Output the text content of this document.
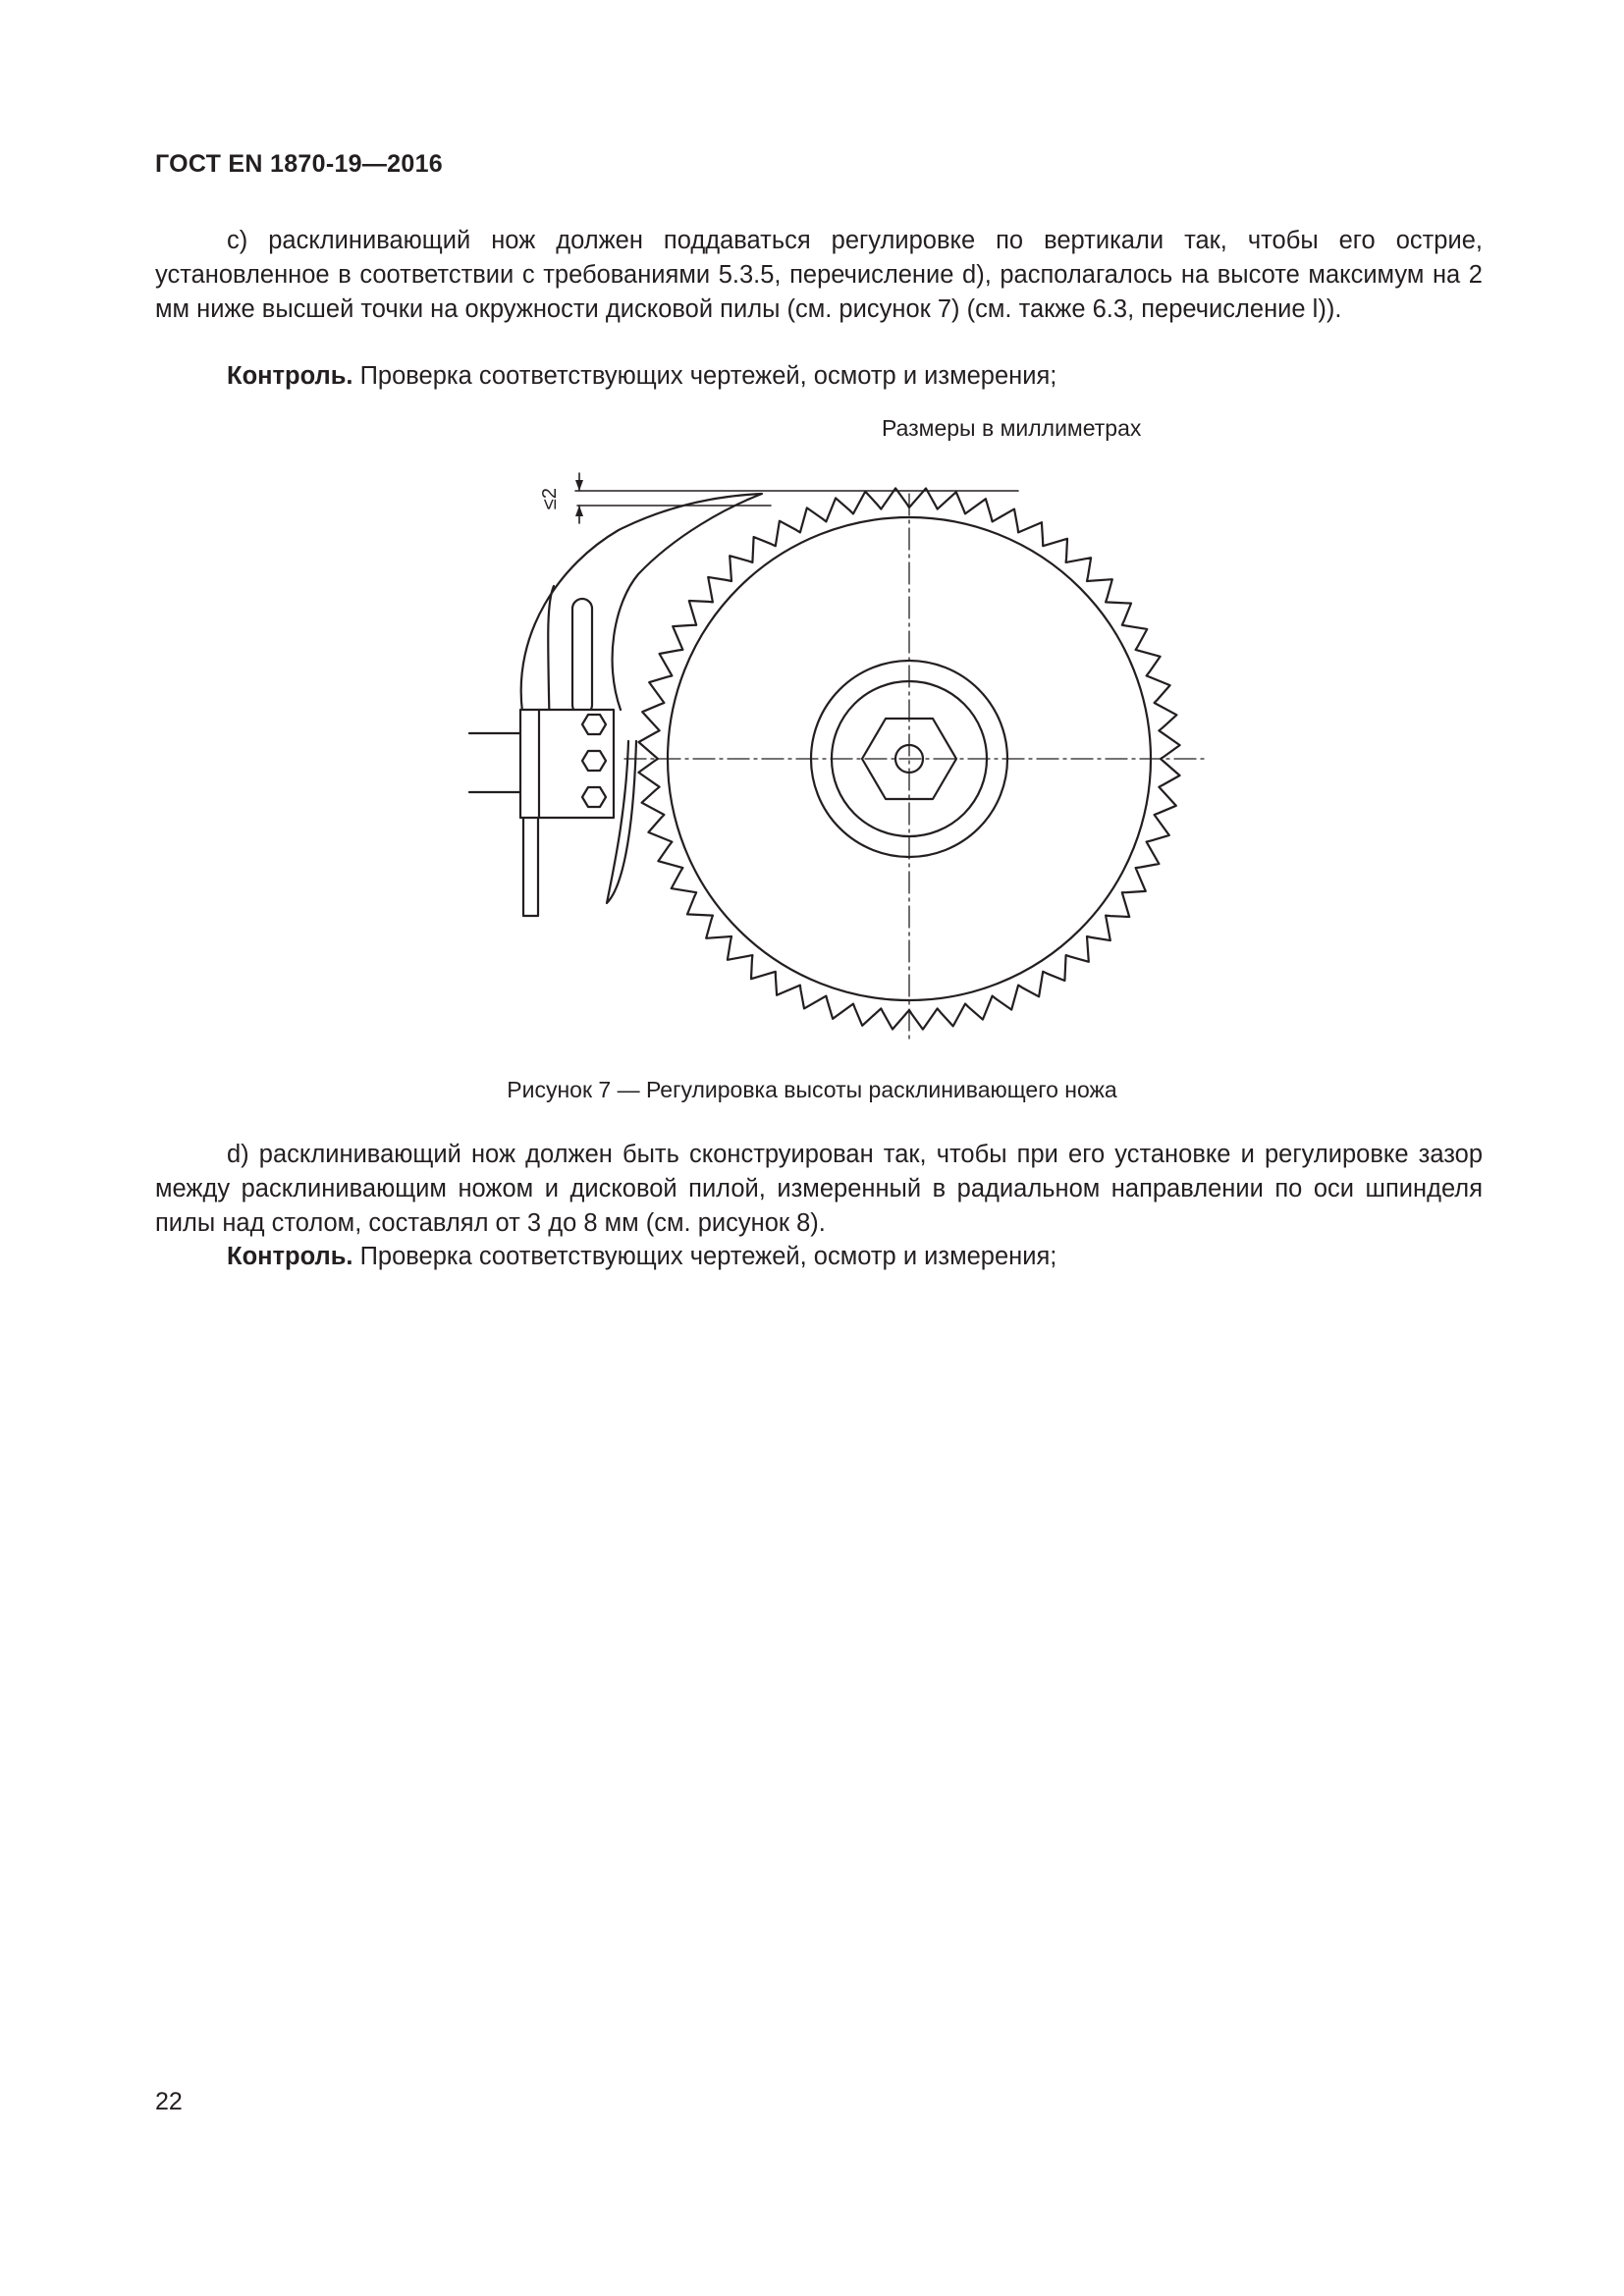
ГОСТ EN 1870-19—2016
с) расклинивающий нож должен поддаваться регулировке по вертикали так, чтобы его острие, установленное в соответствии с требованиями 5.3.5, перечисление d), располагалось на высоте максимум на 2 мм ниже высшей точки на окружности дисковой пилы (см. рисунок 7) (см. также 6.3, перечисление l)).
Контроль. Проверка соответствующих чертежей, осмотр и измерения;
Размеры в миллиметрах
≤2
Рисунок 7 — Регулировка высоты расклинивающего ножа
d) расклинивающий нож должен быть сконструирован так, чтобы при его установке и регулировке зазор между расклинивающим ножом и дисковой пилой, измеренный в радиальном направлении по оси шпинделя пилы над столом, составлял от 3 до 8 мм (см. рисунок 8).
Контроль. Проверка соответствующих чертежей, осмотр и измерения;
22
